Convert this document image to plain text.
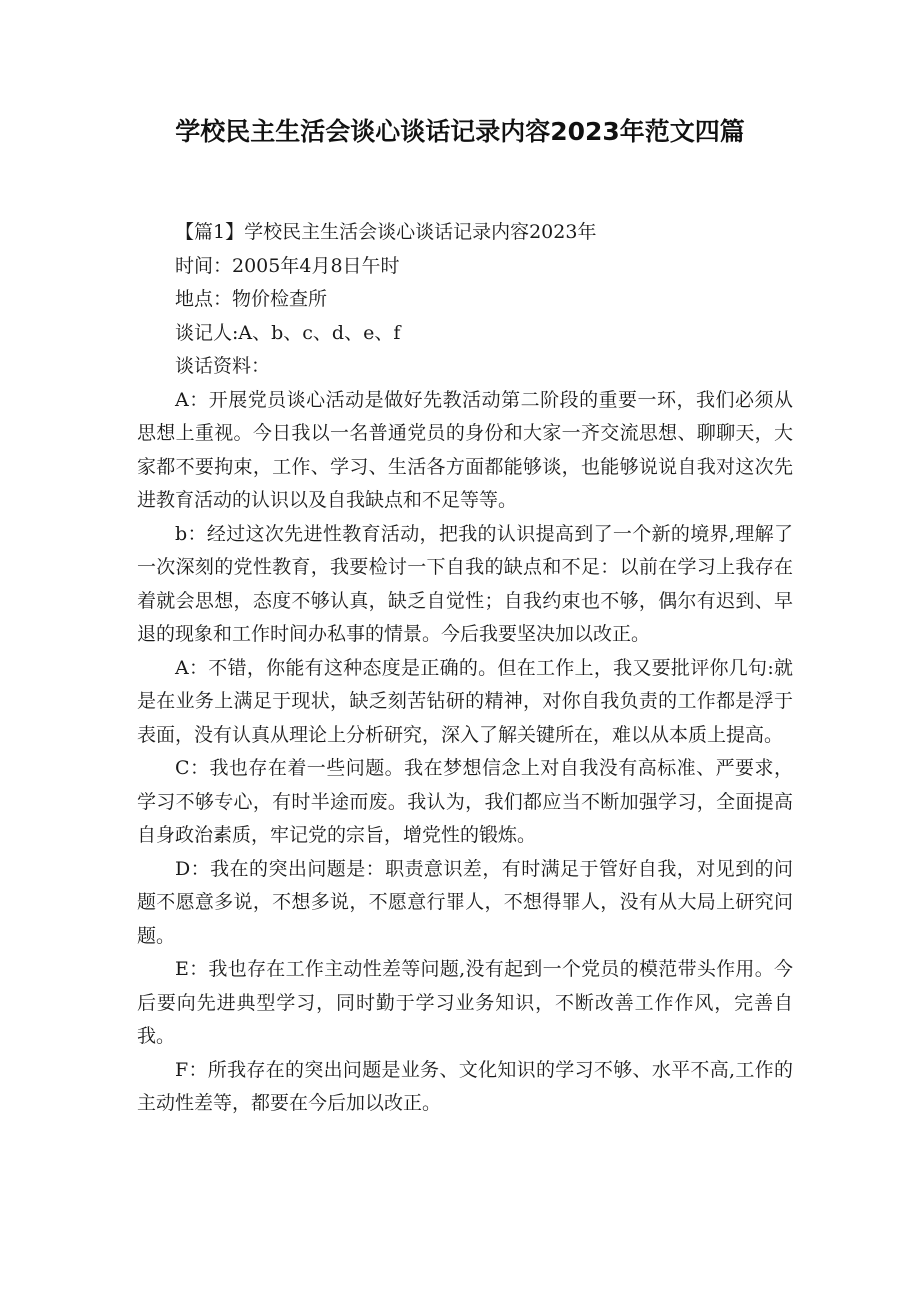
学校民主生活会谈心谈话记录内容2023年范文四篇

【篇1】学校民主生活会谈心谈话记录内容2023年

时间：2005年4月8日午时

地点：物价检查所

谈记人:A、b、c、d、e、f

谈话资料：

A：开展党员谈心活动是做好先教活动第二阶段的重要一环，我们必须从思想上重视。今日我以一名普通党员的身份和大家一齐交流思想、聊聊天，大家都不要拘束，工作、学习、生活各方面都能够谈，也能够说说自我对这次先进教育活动的认识以及自我缺点和不足等等。

b：经过这次先进性教育活动，把我的认识提高到了一个新的境界,理解了一次深刻的党性教育，我要检讨一下自我的缺点和不足：以前在学习上我存在着就会思想，态度不够认真，缺乏自觉性；自我约束也不够，偶尔有迟到、早退的现象和工作时间办私事的情景。今后我要坚决加以改正。

A：不错，你能有这种态度是正确的。但在工作上，我又要批评你几句:就是在业务上满足于现状，缺乏刻苦钻研的精神，对你自我负责的工作都是浮于表面，没有认真从理论上分析研究，深入了解关键所在，难以从本质上提高。

C：我也存在着一些问题。我在梦想信念上对自我没有高标准、严要求，学习不够专心，有时半途而废。我认为，我们都应当不断加强学习，全面提高自身政治素质，牢记党的宗旨，增党性的锻炼。

D：我在的突出问题是：职责意识差，有时满足于管好自我，对见到的问题不愿意多说，不想多说，不愿意行罪人，不想得罪人，没有从大局上研究问题。

E：我也存在工作主动性差等问题,没有起到一个党员的模范带头作用。今后要向先进典型学习，同时勤于学习业务知识，不断改善工作作风，完善自我。

F：所我存在的突出问题是业务、文化知识的学习不够、水平不高,工作的主动性差等，都要在今后加以改正。
